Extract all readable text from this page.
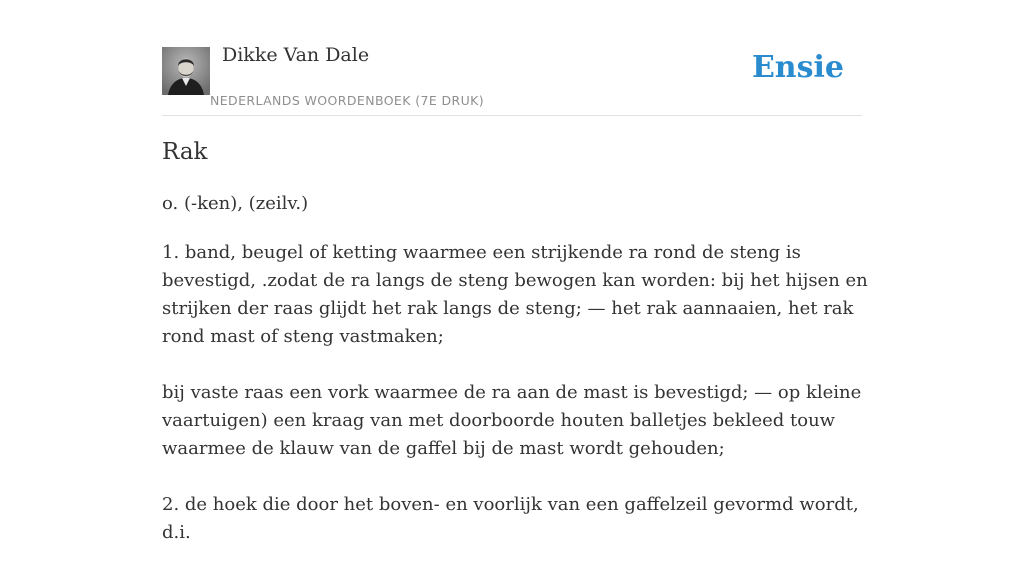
Dikke Van Dale
NEDERLANDS WOORDENBOEK (7E DRUK)
Ensie
Rak
o. (-ken), (zeilv.)

1. band, beugel of ketting waarmee een strijkende ra rond de steng is bevestigd, .zodat de ra langs de steng bewogen kan worden: bij het hijsen en strijken der raas glijdt het rak langs de steng; — het rak aannaaien, het rak rond mast of steng vastmaken;

bij vaste raas een vork waarmee de ra aan de mast is bevestigd; — op kleine vaartuigen) een kraag van met doorboorde houten balletjes bekleed touw waarmee de klauw van de gaffel bij de mast wordt gehouden;

2. de hoek die door het boven- en voorlijk van een gaffelzeil gevormd wordt, d.i.
